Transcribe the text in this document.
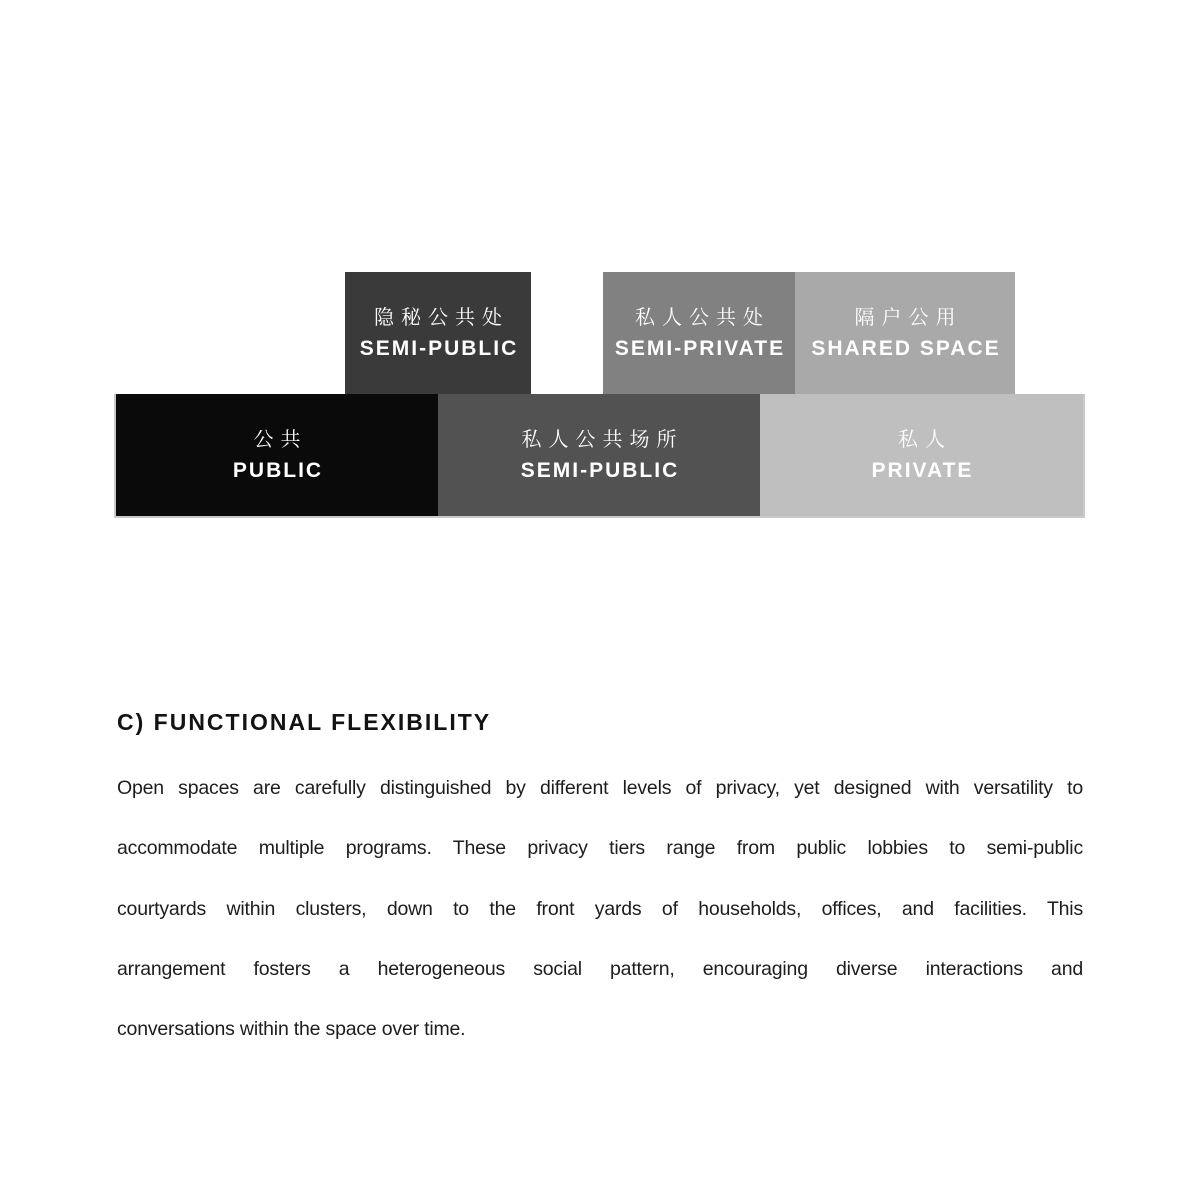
隐秘公共处
SEMI-PUBLIC
私人公共处
SEMI-PRIVATE
隔户公用
SHARED SPACE
公共
PUBLIC
私人公共场所
SEMI-PUBLIC
私人
PRIVATE
C) FUNCTIONAL FLEXIBILITY
Open spaces are carefully distinguished by different levels of privacy, yet designed with versatility to
accommodate multiple programs. These privacy tiers range from public lobbies to semi-public
courtyards within clusters, down to the front yards of households, offices, and facilities. This
arrangement fosters a heterogeneous social pattern, encouraging diverse interactions and
conversations within the space over time.
